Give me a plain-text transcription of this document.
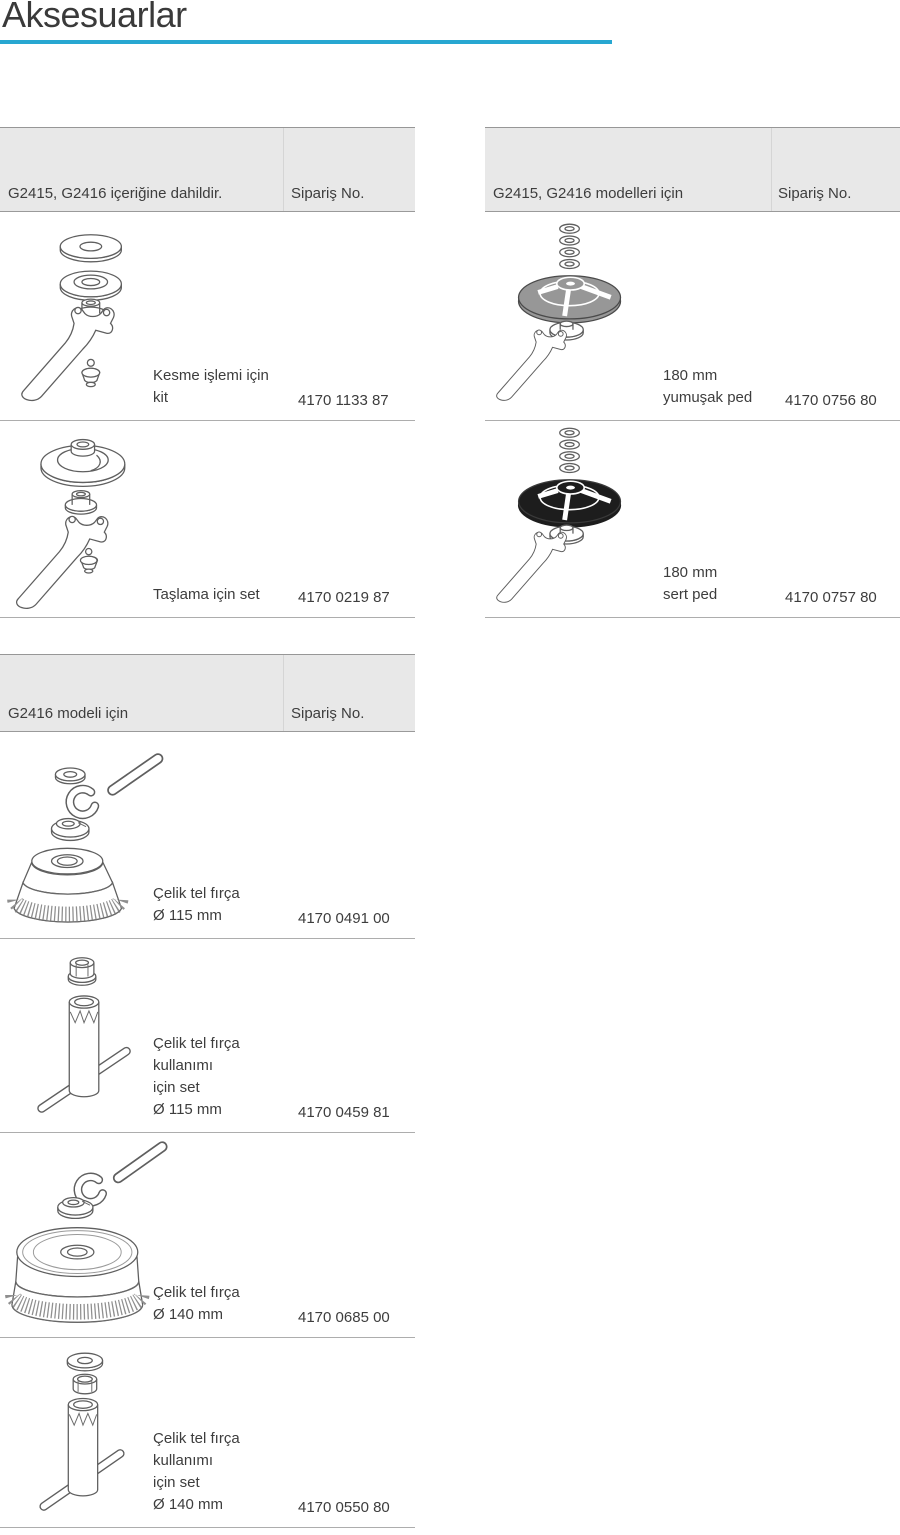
Aksesuarlar
G2415, G2416 içeriğine dahildir.	Sipariş No.
Kesme işlemi için
kit	4170 1133 87
Taşlama için set	4170 0219 87
G2415, G2416 modelleri için	Sipariş No.
180 mm
yumuşak ped 4170 0756 80
180 mm
sert ped	4170 0757 80
G2416 modeli için	Sipariş No.
Çelik tel fırça
Ø 115 mm	4170 0491 00
Çelik tel fırça
kullanımı
için set
Ø 115 mm	4170 0459 81
Çelik tel fırça
Ø 140 mm	4170 0685 00
Çelik tel fırça
kullanımı
için set
Ø 140 mm	4170 0550 80
